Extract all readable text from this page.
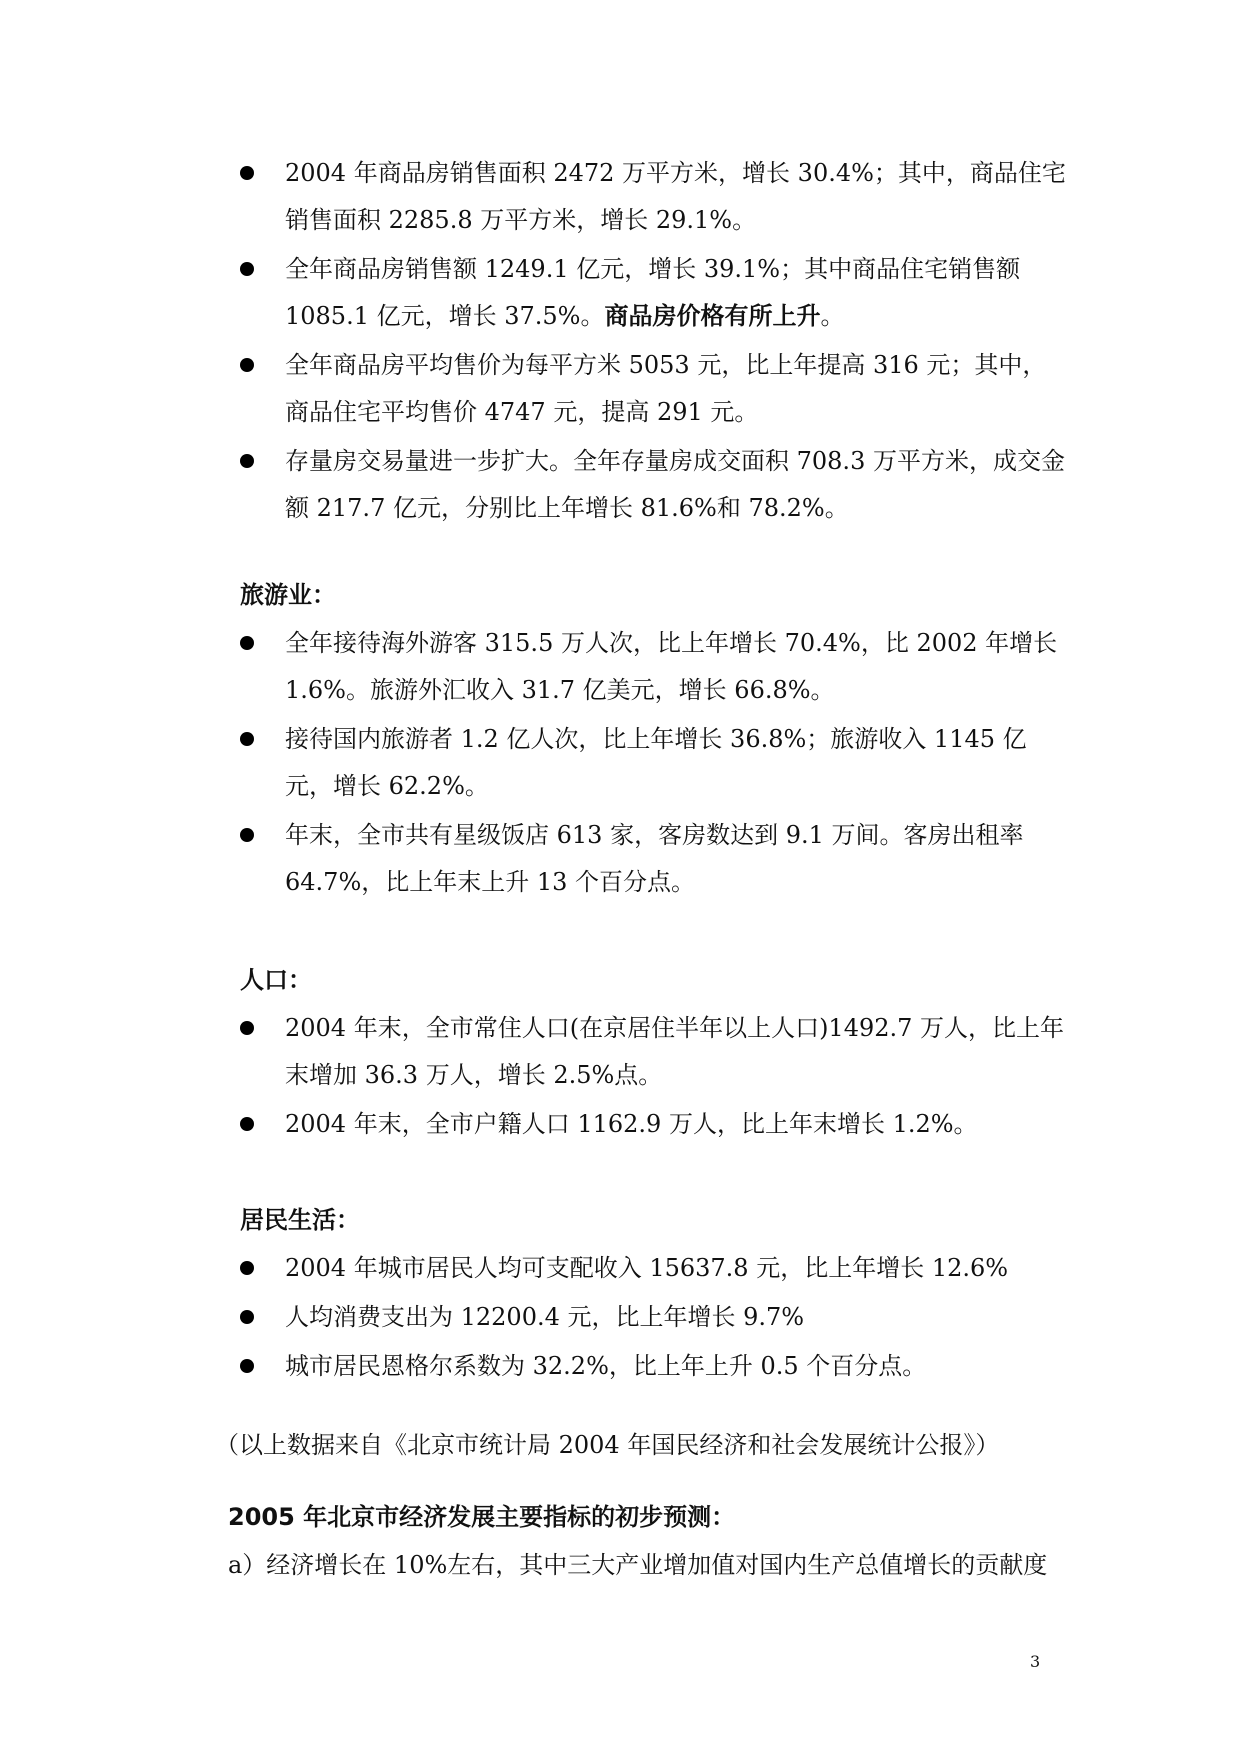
2004 年商品房销售面积 2472 万平方米，增长 30.4%；其中，商品住宅销售面积 2285.8 万平方米，增长 29.1%。
全年商品房销售额 1249.1 亿元，增长 39.1%；其中商品住宅销售额 1085.1 亿元，增长 37.5%。商品房价格有所上升。
全年商品房平均售价为每平方米 5053 元，比上年提高 316 元；其中，商品住宅平均售价 4747 元，提高 291 元。
存量房交易量进一步扩大。全年存量房成交面积 708.3 万平方米，成交金额 217.7 亿元，分别比上年增长 81.6%和 78.2%。
旅游业：
全年接待海外游客 315.5 万人次，比上年增长 70.4%，比 2002 年增长 1.6%。旅游外汇收入 31.7 亿美元，增长 66.8%。
接待国内旅游者 1.2 亿人次，比上年增长 36.8%；旅游收入 1145 亿元，增长 62.2%。
年末，全市共有星级饭店 613 家，客房数达到 9.1 万间。客房出租率 64.7%，比上年末上升 13 个百分点。
人口：
2004 年末，全市常住人口(在京居住半年以上人口)1492.7 万人，比上年末增加 36.3 万人，增长 2.5%点。
2004 年末，全市户籍人口 1162.9 万人，比上年末增长 1.2%。
居民生活：
2004 年城市居民人均可支配收入 15637.8 元，比上年增长 12.6%
人均消费支出为 12200.4 元，比上年增长 9.7%
城市居民恩格尔系数为 32.2%，比上年上升 0.5 个百分点。

（以上数据来自《北京市统计局 2004 年国民经济和社会发展统计公报》）

2005 年北京市经济发展主要指标的初步预测：

a）经济增长在 10%左右，其中三大产业增加值对国内生产总值增长的贡献度

3
